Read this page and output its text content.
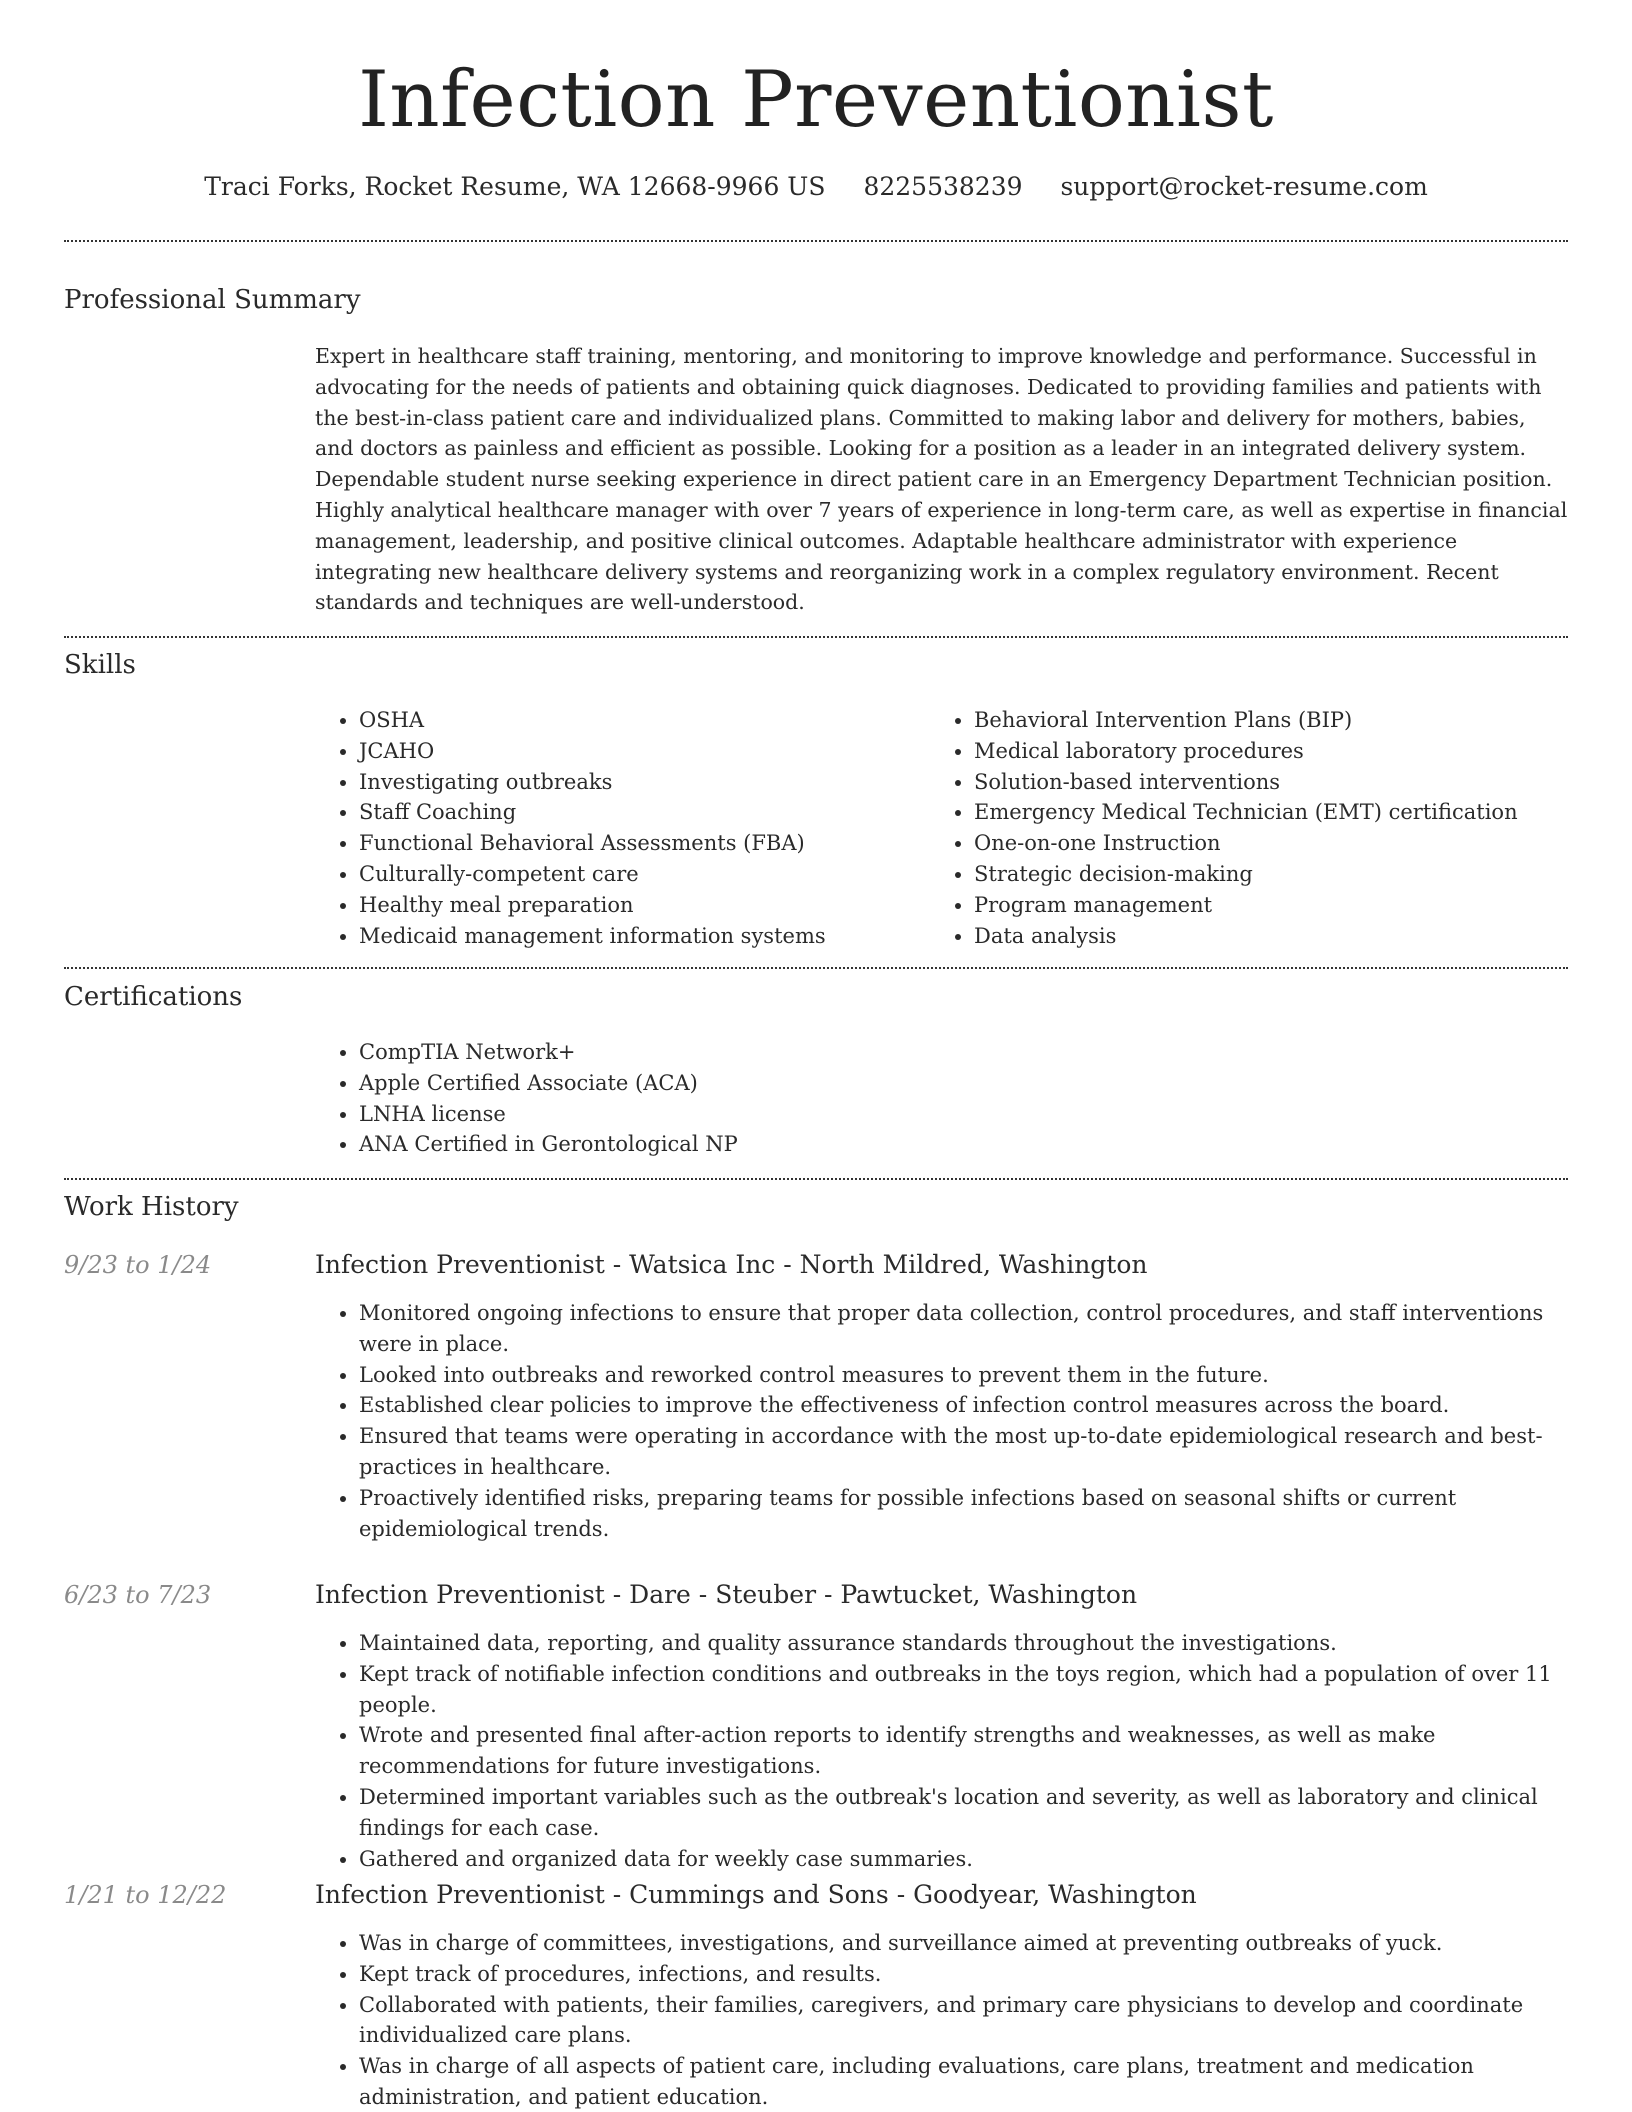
Infection Preventionist
Traci Forks, Rocket Resume, WA 12668-9966 US 8225538239 support@rocket-resume.com
Professional Summary

Expert in healthcare staff training, mentoring, and monitoring to improve knowledge and performance. Successful in advocating for the needs of patients and obtaining quick diagnoses. Dedicated to providing families and patients with the best-in-class patient care and individualized plans. Committed to making labor and delivery for mothers, babies, and doctors as painless and efficient as possible. Looking for a position as a leader in an integrated delivery system. Dependable student nurse seeking experience in direct patient care in an Emergency Department Technician position. Highly analytical healthcare manager with over 7 years of experience in long-term care, as well as expertise in financial management, leadership, and positive clinical outcomes. Adaptable healthcare administrator with experience integrating new healthcare delivery systems and reorganizing work in a complex regulatory environment. Recent standards and techniques are well-understood.

Skills
• OSHA
• JCAHO
• Investigating outbreaks
• Staff Coaching
• Functional Behavioral Assessments (FBA)
• Culturally-competent care
• Healthy meal preparation
• Medicaid management information systems
• Behavioral Intervention Plans (BIP)
• Medical laboratory procedures
• Solution-based interventions
• Emergency Medical Technician (EMT) certification
• One-on-one Instruction
• Strategic decision-making
• Program management
• Data analysis
Certifications
• CompTIA Network+
• Apple Certified Associate (ACA)
• LNHA license
• ANA Certified in Gerontological NP
Work History
9/23 to 1/24	Infection Preventionist - Watsica Inc - North Mildred, Washington
• Monitored ongoing infections to ensure that proper data collection, control procedures, and staff interventions were in place.
• Looked into outbreaks and reworked control measures to prevent them in the future.
• Established clear policies to improve the effectiveness of infection control measures across the board.
• Ensured that teams were operating in accordance with the most up-to-date epidemiological research and best-practices in healthcare.
• Proactively identified risks, preparing teams for possible infections based on seasonal shifts or current epidemiological trends.
6/23 to 7/23	Infection Preventionist - Dare - Steuber - Pawtucket, Washington
• Maintained data, reporting, and quality assurance standards throughout the investigations.
• Kept track of notifiable infection conditions and outbreaks in the toys region, which had a population of over 11 people.
• Wrote and presented final after-action reports to identify strengths and weaknesses, as well as make recommendations for future investigations.
• Determined important variables such as the outbreak's location and severity, as well as laboratory and clinical findings for each case.
• Gathered and organized data for weekly case summaries.
1/21 to 12/22	Infection Preventionist - Cummings and Sons - Goodyear, Washington
• Was in charge of committees, investigations, and surveillance aimed at preventing outbreaks of yuck.
• Kept track of procedures, infections, and results.
• Collaborated with patients, their families, caregivers, and primary care physicians to develop and coordinate individualized care plans.
• Was in charge of all aspects of patient care, including evaluations, care plans, treatment and medication administration, and patient education.
